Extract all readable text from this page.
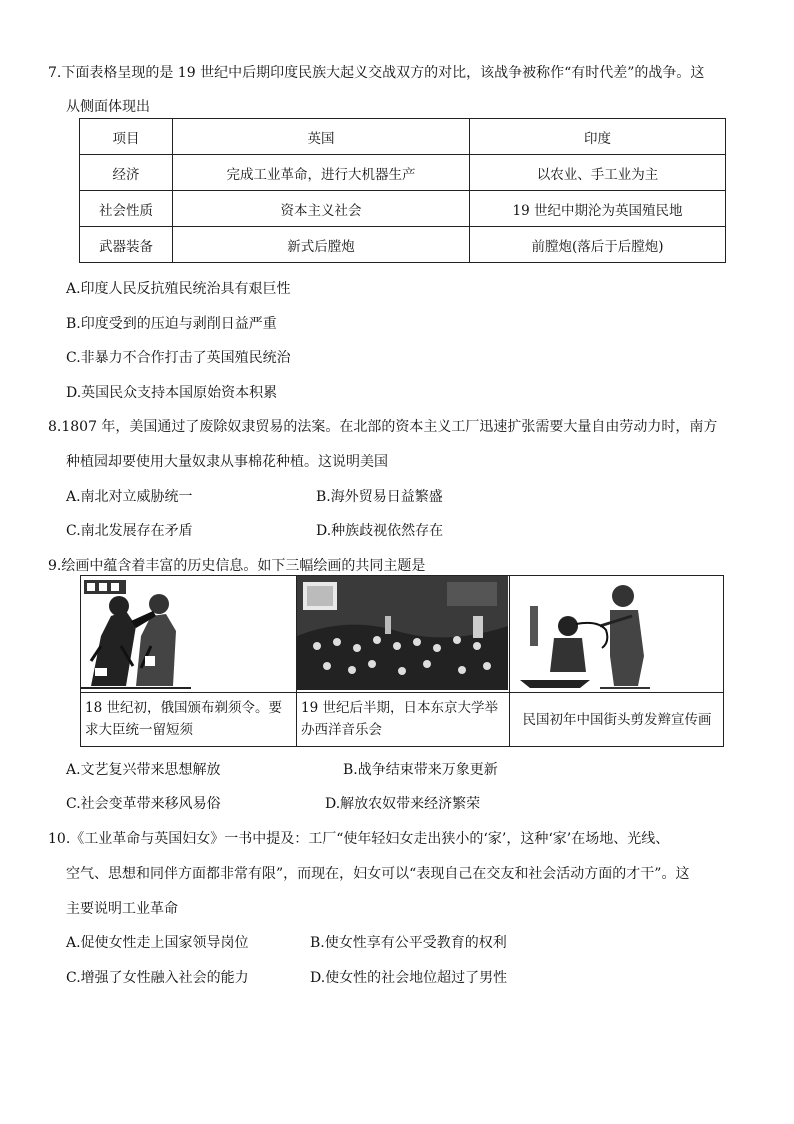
7.下面表格呈现的是 19 世纪中后期印度民族大起义交战双方的对比，该战争被称作“有时代差”的战争。这
从侧面体现出
项目	英国	印度
经济	完成工业革命，进行大机器生产	以农业、手工业为主
社会性质	资本主义社会	19 世纪中期沦为英国殖民地
武器装备	新式后膛炮	前膛炮(落后于后膛炮)
A.印度人民反抗殖民统治具有艰巨性
B.印度受到的压迫与剥削日益严重
C.非暴力不合作打击了英国殖民统治
D.英国民众支持本国原始资本积累
8.1807 年，美国通过了废除奴隶贸易的法案。在北部的资本主义工厂迅速扩张需要大量自由劳动力时，南方
种植园却要使用大量奴隶从事棉花种植。这说明美国
A.南北对立威胁统一	B.海外贸易日益繁盛
C.南北发展存在矛盾	D.种族歧视依然存在
9.绘画中蕴含着丰富的历史信息。如下三幅绘画的共同主题是
18 世纪初，俄国颁布剃须令。要求大臣统一留短须
19 世纪后半期，日本东京大学举办西洋音乐会
民国初年中国街头剪发辫宣传画
A.文艺复兴带来思想解放	B.战争结束带来万象更新
C.社会变革带来移风易俗	D.解放农奴带来经济繁荣
10.《工业革命与英国妇女》一书中提及：工厂“使年轻妇女走出狭小的‘家’，这种‘家’在场地、光线、
空气、思想和同伴方面都非常有限”，而现在，妇女可以“表现自己在交友和社会活动方面的才干”。这
主要说明工业革命
A.促使女性走上国家领导岗位	B.使女性享有公平受教育的权利
C.增强了女性融入社会的能力	D.使女性的社会地位超过了男性
